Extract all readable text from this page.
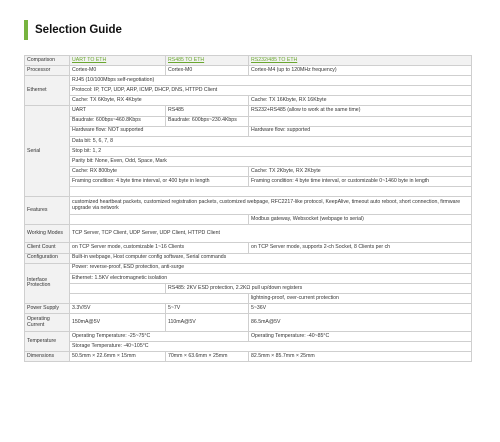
Selection Guide
Comparison	UART TO ETH	RS485 TO ETH	RS232/485 TO ETH
Processor	Cortex-M0	Cortex-M0	Cortex-M4 (up to 120MHz frequency)
Ethernet	RJ45 (10/100Mbps self-negotiation)		
	Protocol: IP, TCP, UDP, ARP, ICMP, DHCP, DNS, HTTPD Client		
	Cache: TX 6Kbyte, RX 4Kbyte		Cache: TX 16Kbyte, RX 16Kbyte
Serial	UART	RS485	RS232+RS485 (allow to work at the same time)
	Baudrate: 600bps~460.8Kbps	Baudrate: 600bps~230.4Kbps	
	Hardware flow: NOT supported		Hardware flow: supported
	Data bit: 5, 6, 7, 8		
	Stop bit: 1, 2		
	Parity bit: None, Even, Odd, Space, Mark		
	Cache: RX 800byte		Cache: TX 2Kbyte, RX 2Kbyte
	Framing condition: 4 byte time interval, or 400 byte in length		Framing condition: 4 byte time interval, or customizable 0~1460 byte in length

Features	customized heartbeat packets, customized registration packets, customized webpage, RFC2217-like protocol, KeepAlive, timeout auto reboot, short connection, firmware upgrade via network		
			Modbus gateway, Websocket (webpage to serial)
Working Modes	TCP Server, TCP Client, UDP Server, UDP Client, HTTPD Client		
Client Count	on TCP Server mode, customizable 1~16 Clients		on TCP Server mode, supports 2-ch Socket, 8 Clients per ch
Configuration	Built-in webpage, Host computer config software, Serial commands		
Interface Protection	Power: reverse-proof, ESD protection, anti-surge		
	Ethernet: 1.5KV electromagnetic isolation		
		RS485: 2KV ESD protection, 2.2KΩ pull up/down registers	
			lightning-proof, over-current protection
Power Supply	3.3V/5V	5~7V	5~36V
Operating Current	150mA@5V	110mA@5V	86.5mA@5V
Temperature	Operating Temperature: -25~75°C		Operating Temperature: -40~85°C
	Storage Temperature: -40~105°C		
Dimensions	50.5mm × 22.6mm × 15mm	70mm × 63.6mm × 25mm	82.5mm × 85.7mm × 25mm
